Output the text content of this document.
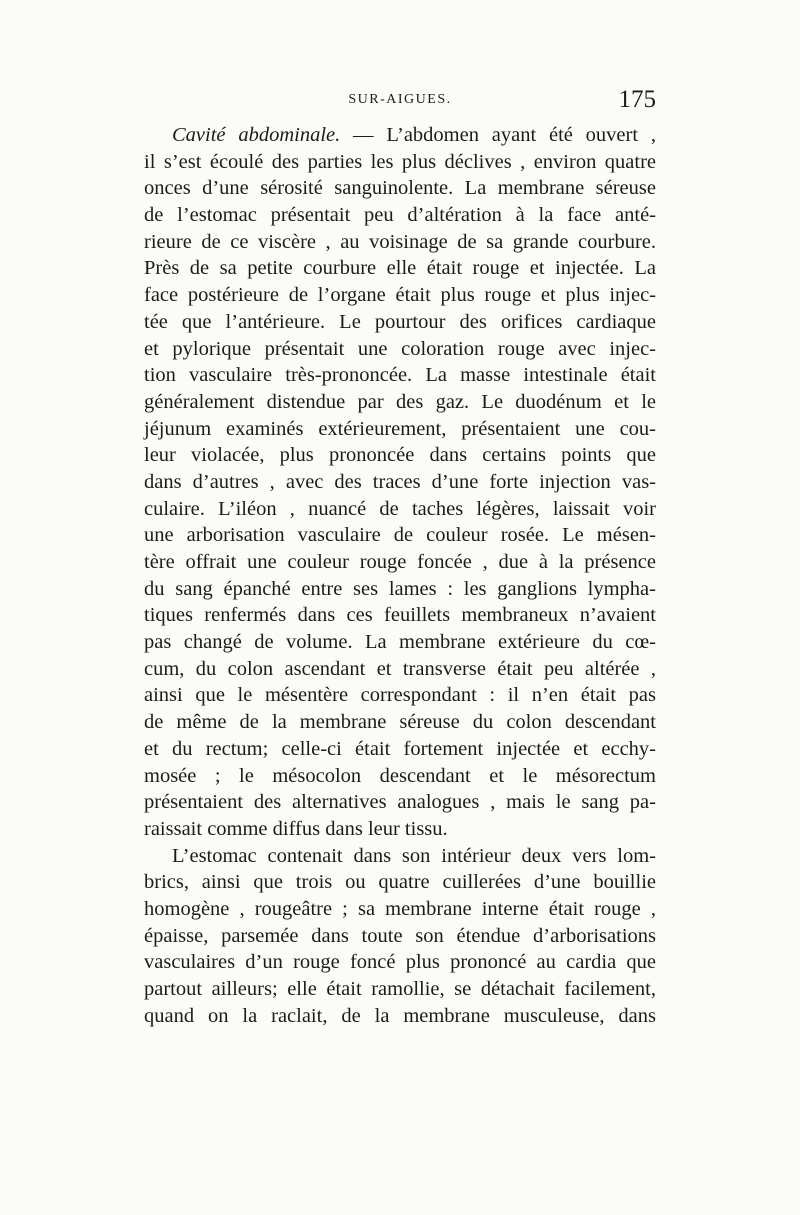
SUR-AIGUES.	175
Cavité abdominale. — L’abdomen ayant été ouvert ,
il s’est écoulé des parties les plus déclives , environ quatre
onces d’une sérosité sanguinolente. La membrane séreuse
de l’estomac présentait peu d’altération à la face anté-
rieure de ce viscère , au voisinage de sa grande courbure.
Près de sa petite courbure elle était rouge et injectée. La
face postérieure de l’organe était plus rouge et plus injec-
tée que l’antérieure. Le pourtour des orifices cardiaque
et pylorique présentait une coloration rouge avec injec-
tion vasculaire très-prononcée. La masse intestinale était
généralement distendue par des gaz. Le duodénum et le
jéjunum examinés extérieurement, présentaient une cou-
leur violacée, plus prononcée dans certains points que
dans d’autres , avec des traces d’une forte injection vas-
culaire. L’iléon , nuancé de taches légères, laissait voir
une arborisation vasculaire de couleur rosée. Le mésen-
tère offrait une couleur rouge foncée , due à la présence
du sang épanché entre ses lames : les ganglions lympha-
tiques renfermés dans ces feuillets membraneux n’avaient
pas changé de volume. La membrane extérieure du cœ-
cum, du colon ascendant et transverse était peu altérée ,
ainsi que le mésentère correspondant : il n’en était pas
de même de la membrane séreuse du colon descendant
et du rectum; celle-ci était fortement injectée et ecchy-
mosée ; le mésocolon descendant et le mésorectum
présentaient des alternatives analogues , mais le sang pa-
raissait comme diffus dans leur tissu.
L’estomac contenait dans son intérieur deux vers lom-
brics, ainsi que trois ou quatre cuillerées d’une bouillie
homogène , rougeâtre ; sa membrane interne était rouge ,
épaisse, parsemée dans toute son étendue d’arborisations
vasculaires d’un rouge foncé plus prononcé au cardia que
partout ailleurs; elle était ramollie, se détachait facilement,
quand on la raclait, de la membrane musculeuse, dans
